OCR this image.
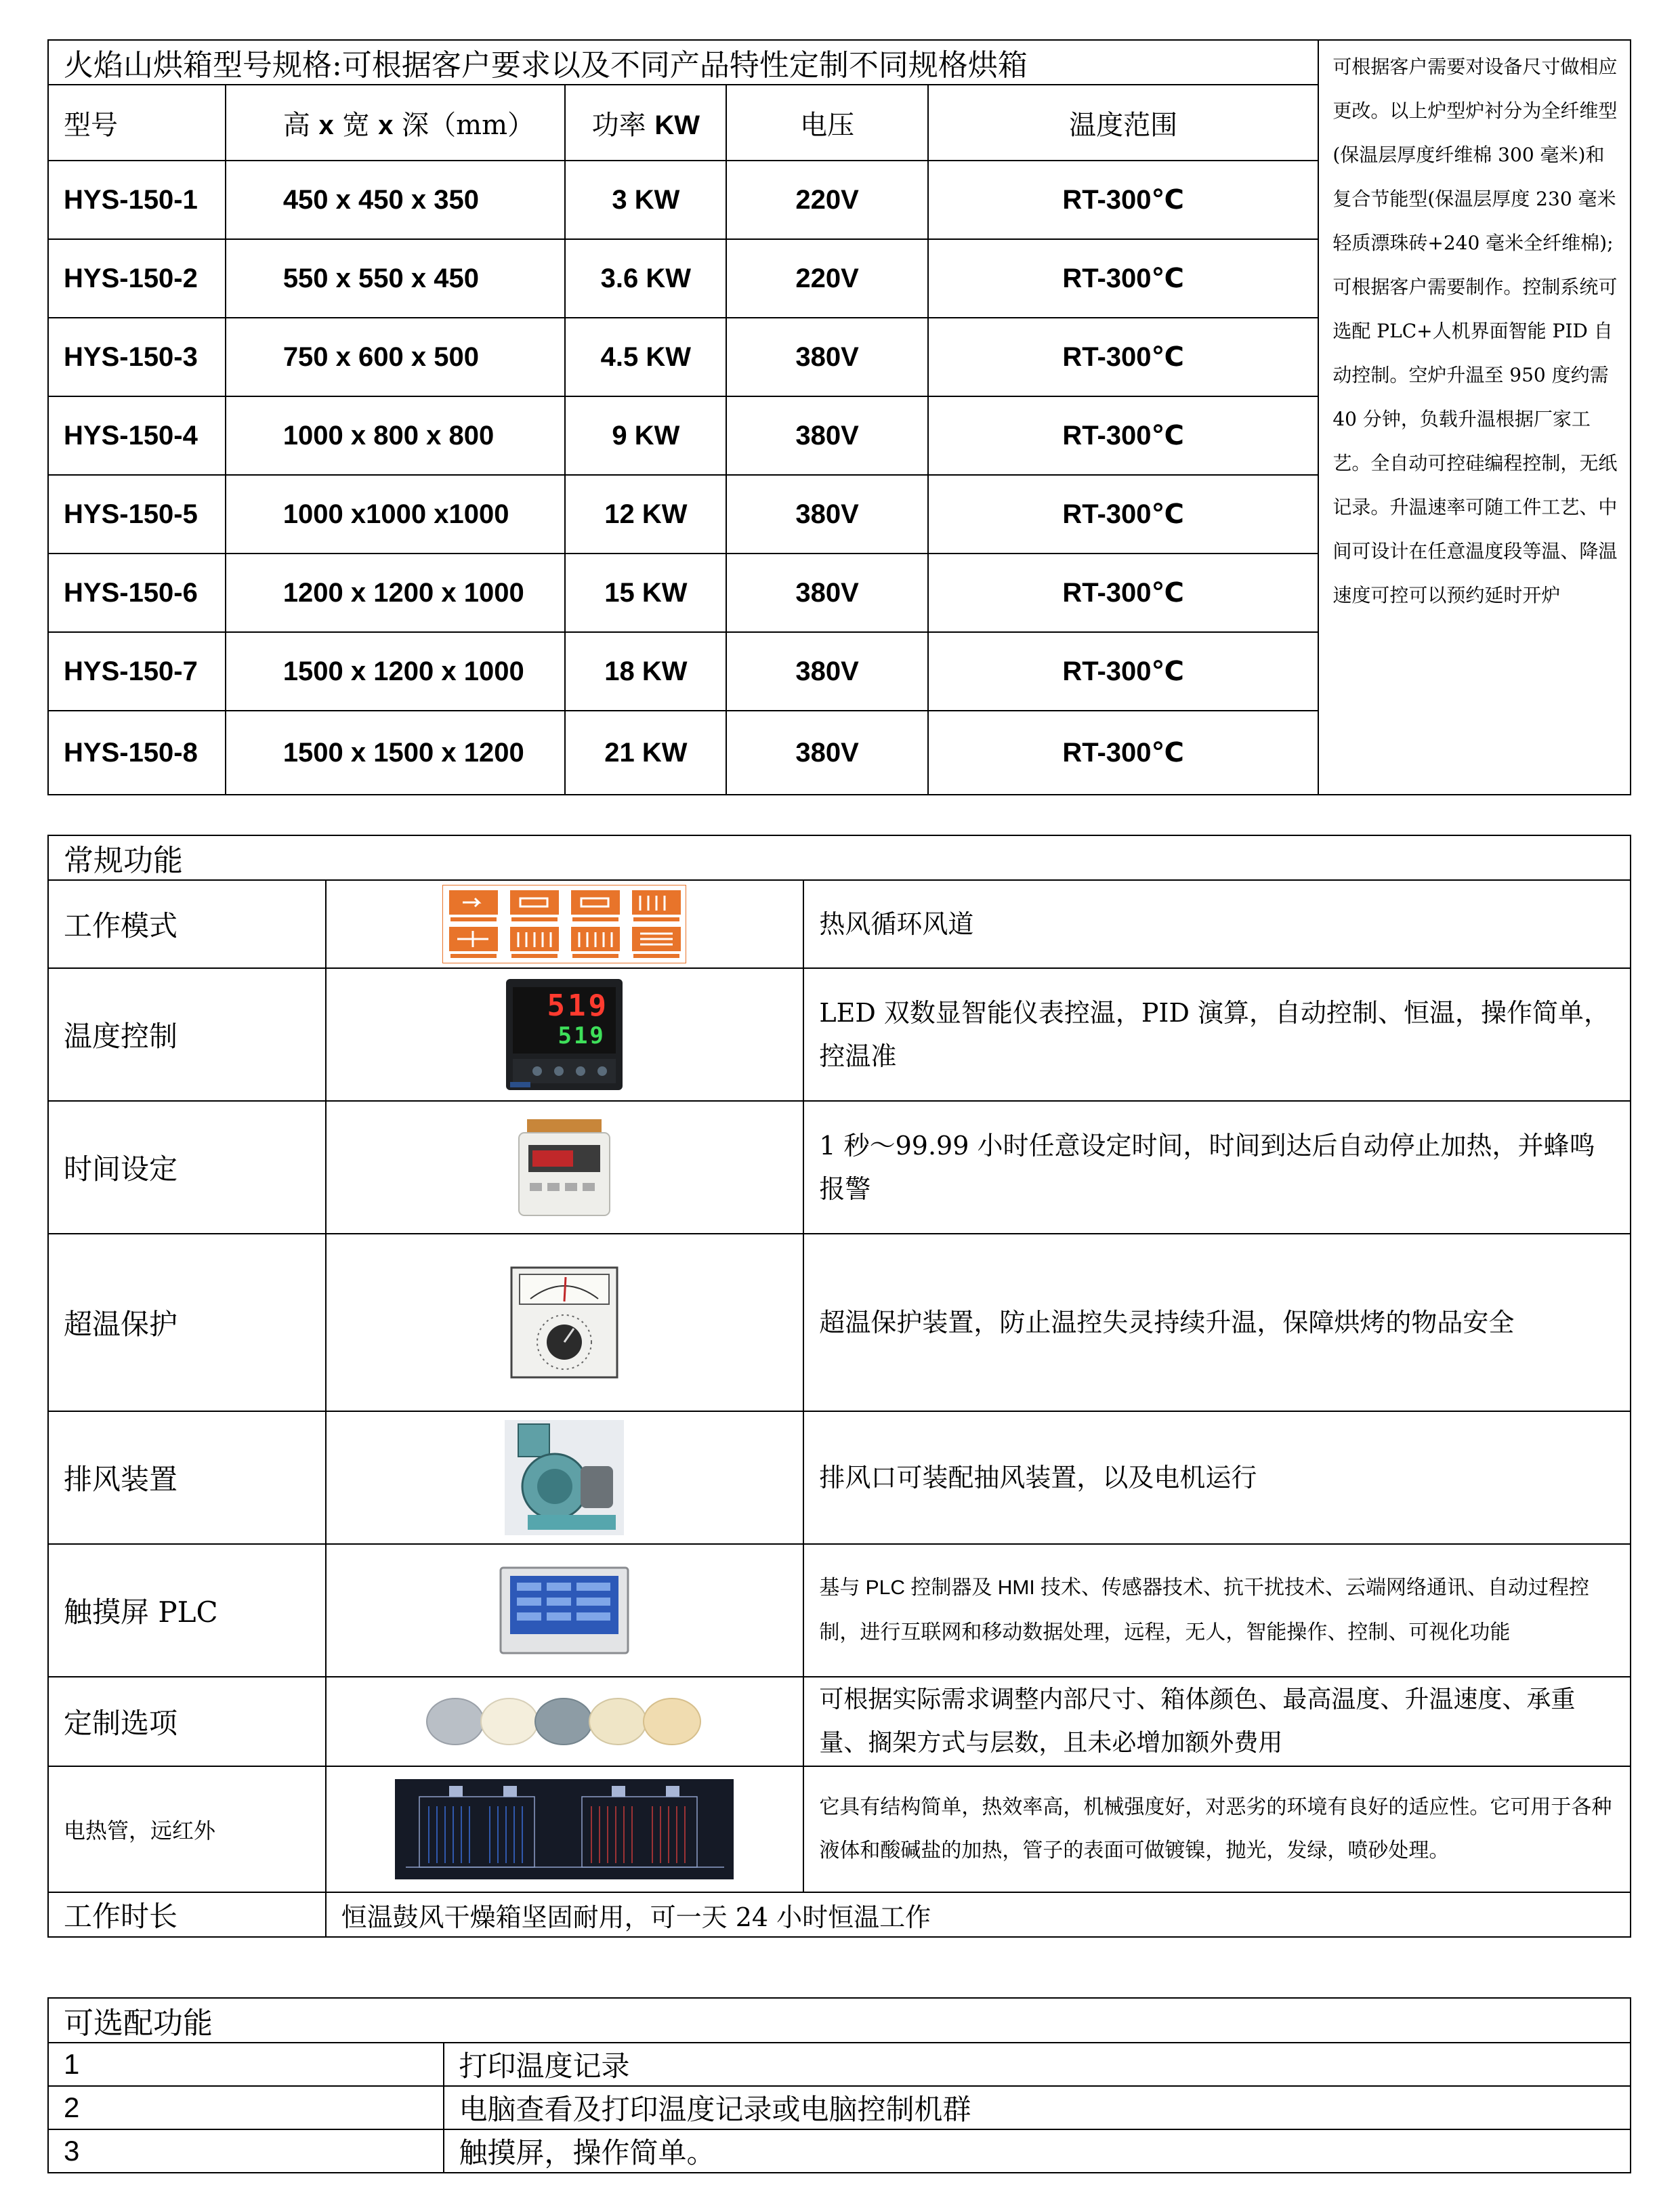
火焰山烘箱型号规格:可根据客户要求以及不同产品特性定制不同规格烘箱					可根据客户需要对设备尺寸做相应更改。以上炉型炉衬分为全纤维型(保温层厚度纤维棉 300 毫米)和复合节能型(保温层厚度 230 毫米轻质漂珠砖+240 毫米全纤维棉);可根据客户需要制作。控制系统可选配 PLC+人机界面智能 PID 自动控制。空炉升温至 950 度约需 40 分钟，负载升温根据厂家工艺。全自动可控硅编程控制，无纸记录。升温速率可随工件工艺、中间可设计在任意温度段等温、降温速度可控可以预约延时开炉
型号	高 x 宽 x 深（mm）	功率 KW	电压	温度范围	
HYS-150-1	450 x 450 x 350	3 KW	220V	RT-300℃	
HYS-150-2	550 x 550 x 450	3.6 KW	220V	RT-300℃	
HYS-150-3	750 x 600 x 500	4.5 KW	380V	RT-300℃	
HYS-150-4	1000 x 800 x 800	9 KW	380V	RT-300℃	
HYS-150-5	1000 x1000 x1000	12 KW	380V	RT-300℃	
HYS-150-6	1200 x 1200 x 1000	15 KW	380V	RT-300℃	
HYS-150-7	1500 x 1200 x 1000	18 KW	380V	RT-300℃	
HYS-150-8	1500 x 1500 x 1200	21 KW	380V	RT-300℃	
常规功能		
工作模式		热风循环风道
温度控制		LED 双数显智能仪表控温，PID 演算，自动控制、恒温，操作简单，控温准
时间设定		1 秒～99.99 小时任意设定时间，时间到达后自动停止加热，并蜂鸣报警
超温保护		超温保护装置，防止温控失灵持续升温，保障烘烤的物品安全
排风装置		排风口可装配抽风装置，以及电机运行
触摸屏 PLC		基与 PLC 控制器及 HMI 技术、传感器技术、抗干扰技术、云端网络通讯、自动过程控制，进行互联网和移动数据处理，远程，无人，智能操作、控制、可视化功能
定制选项		可根据实际需求调整内部尺寸、箱体颜色、最高温度、升温速度、承重量、搁架方式与层数，且未必增加额外费用
电热管，远红外		它具有结构简单，热效率高，机械强度好，对恶劣的环境有良好的适应性。它可用于各种液体和酸碱盐的加热，管子的表面可做镀镍，抛光，发绿，喷砂处理。
工作时长	恒温鼓风干燥箱坚固耐用，可一天 24 小时恒温工作	
可选配功能	
1	打印温度记录
2	电脑查看及打印温度记录或电脑控制机群
3	触摸屏，操作简单。
519
519
